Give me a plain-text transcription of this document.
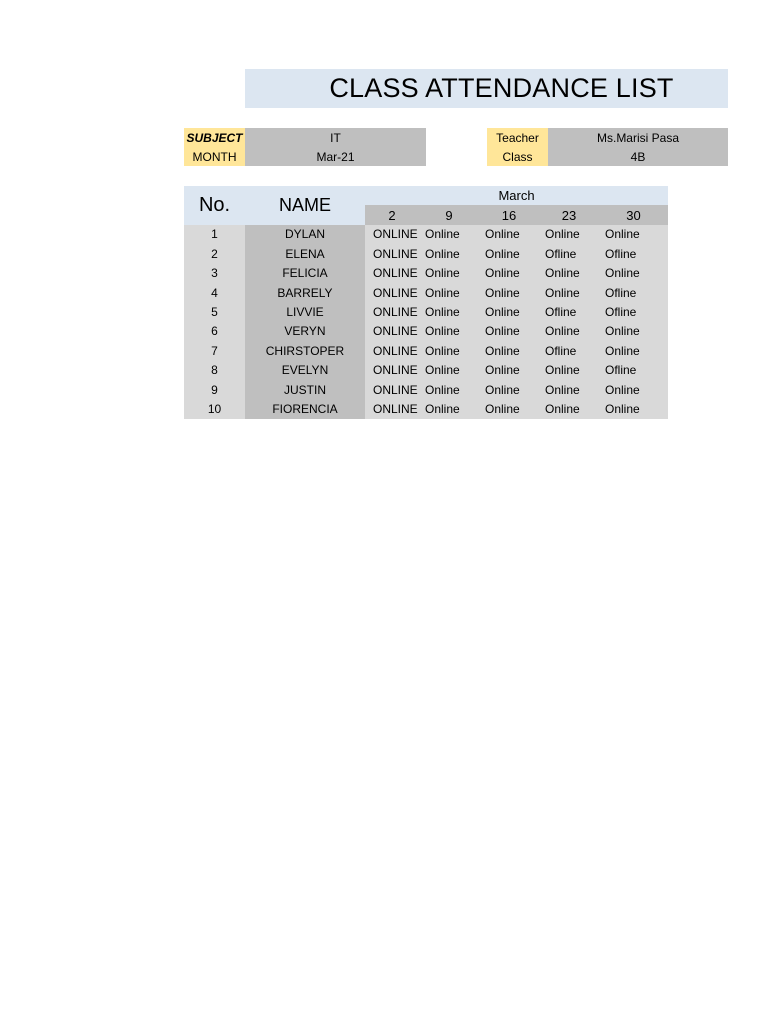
CLASS ATTENDANCE LIST
SUBJECT	IT
MONTH	Mar-21
Teacher	Ms.Marisi Pasa
Class	4B
No.	NAME	March				
		2	9	16	23	30
1	DYLAN	ONLINE	Online	Online	Online	Online
2	ELENA	ONLINE	Online	Online	Ofline	Ofline
3	FELICIA	ONLINE	Online	Online	Online	Online
4	BARRELY	ONLINE	Online	Online	Online	Ofline
5	LIVVIE	ONLINE	Online	Online	Ofline	Ofline
6	VERYN	ONLINE	Online	Online	Online	Online
7	CHIRSTOPER	ONLINE	Online	Online	Ofline	Online
8	EVELYN	ONLINE	Online	Online	Online	Ofline
9	JUSTIN	ONLINE	Online	Online	Online	Online
10	FIORENCIA	ONLINE	Online	Online	Online	Online
